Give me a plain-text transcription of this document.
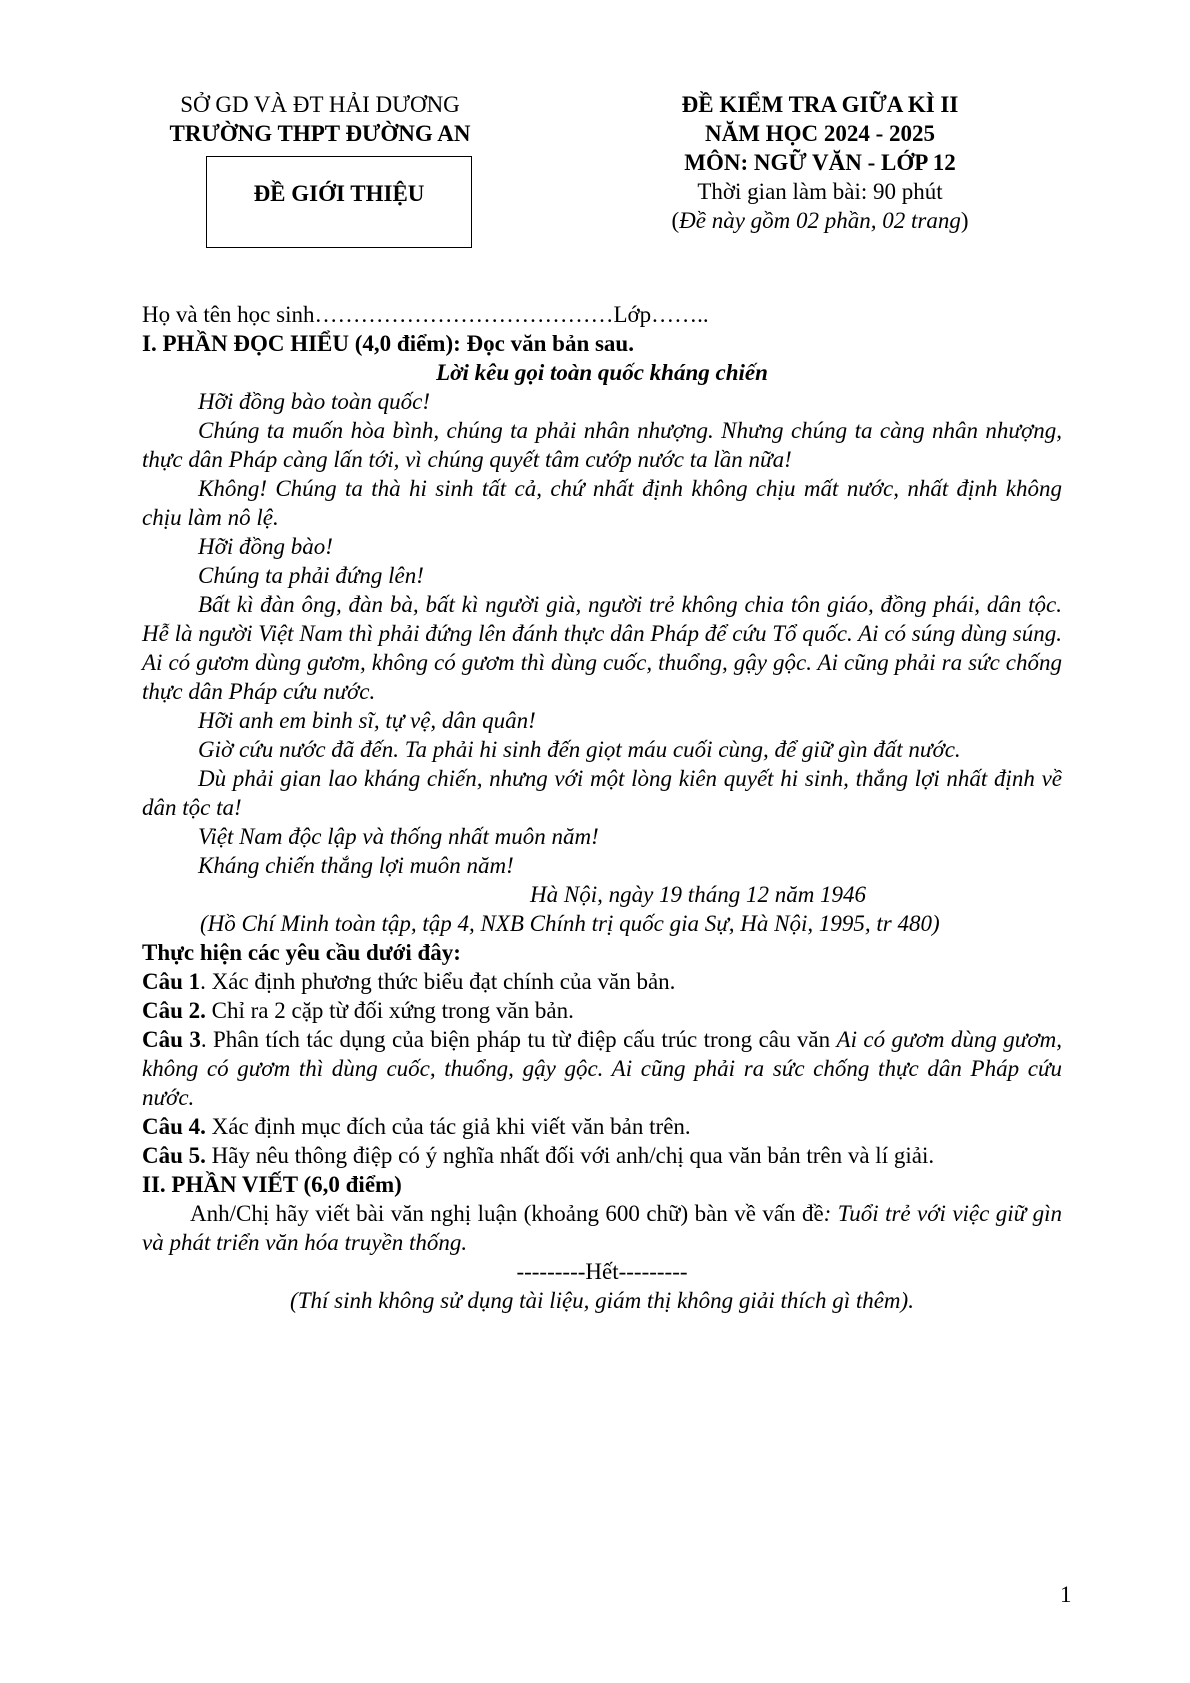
SỞ GD VÀ ĐT HẢI DƯƠNG
TRƯỜNG THPT ĐƯỜNG AN
ĐỀ GIỚI THIỆU
ĐỀ KIỂM TRA GIỮA KÌ II
NĂM HỌC 2024 - 2025
MÔN: NGỮ VĂN - LỚP 12
Thời gian làm bài: 90 phút
(Đề này gồm 02 phần, 02 trang)
Họ và tên học sinh…………………………………Lớp……..
I. PHẦN ĐỌC HIỂU (4,0 điểm): Đọc văn bản sau.
Lời kêu gọi toàn quốc kháng chiến
Hỡi đồng bào toàn quốc!
Chúng ta muốn hòa bình, chúng ta phải nhân nhượng. Nhưng chúng ta càng nhân nhượng, thực dân Pháp càng lấn tới, vì chúng quyết tâm cướp nước ta lần nữa!
Không! Chúng ta thà hi sinh tất cả, chứ nhất định không chịu mất nước, nhất định không chịu làm nô lệ.
Hỡi đồng bào!
Chúng ta phải đứng lên!
Bất kì đàn ông, đàn bà, bất kì người già, người trẻ không chia tôn giáo, đồng phái, dân tộc. Hễ là người Việt Nam thì phải đứng lên đánh thực dân Pháp để cứu Tổ quốc. Ai có súng dùng súng. Ai có gươm dùng gươm, không có gươm thì dùng cuốc, thuổng, gậy gộc. Ai cũng phải ra sức chống thực dân Pháp cứu nước.
Hỡi anh em binh sĩ, tự vệ, dân quân!
Giờ cứu nước đã đến. Ta phải hi sinh đến giọt máu cuối cùng, để giữ gìn đất nước.
Dù phải gian lao kháng chiến, nhưng với một lòng kiên quyết hi sinh, thắng lợi nhất định về dân tộc ta!
Việt Nam độc lập và thống nhất muôn năm!
Kháng chiến thắng lợi muôn năm!
Hà Nội, ngày 19 tháng 12 năm 1946
(Hồ Chí Minh toàn tập, tập 4, NXB Chính trị quốc gia Sự, Hà Nội, 1995, tr 480)
Thực hiện các yêu cầu dưới đây:
Câu 1. Xác định phương thức biểu đạt chính của văn bản.
Câu 2. Chỉ ra 2 cặp từ đối xứng trong văn bản.
Câu 3. Phân tích tác dụng của biện pháp tu từ điệp cấu trúc trong câu văn Ai có gươm dùng gươm, không có gươm thì dùng cuốc, thuổng, gậy gộc. Ai cũng phải ra sức chống thực dân Pháp cứu nước.
Câu 4. Xác định mục đích của tác giả khi viết văn bản trên.
Câu 5. Hãy nêu thông điệp có ý nghĩa nhất đối với anh/chị qua văn bản trên và lí giải.
II. PHẦN VIẾT (6,0 điểm)
Anh/Chị hãy viết bài văn nghị luận (khoảng 600 chữ) bàn về vấn đề: Tuổi trẻ với việc giữ gìn và phát triển văn hóa truyền thống.
---------Hết---------
(Thí sinh không sử dụng tài liệu, giám thị không giải thích gì thêm).
1
